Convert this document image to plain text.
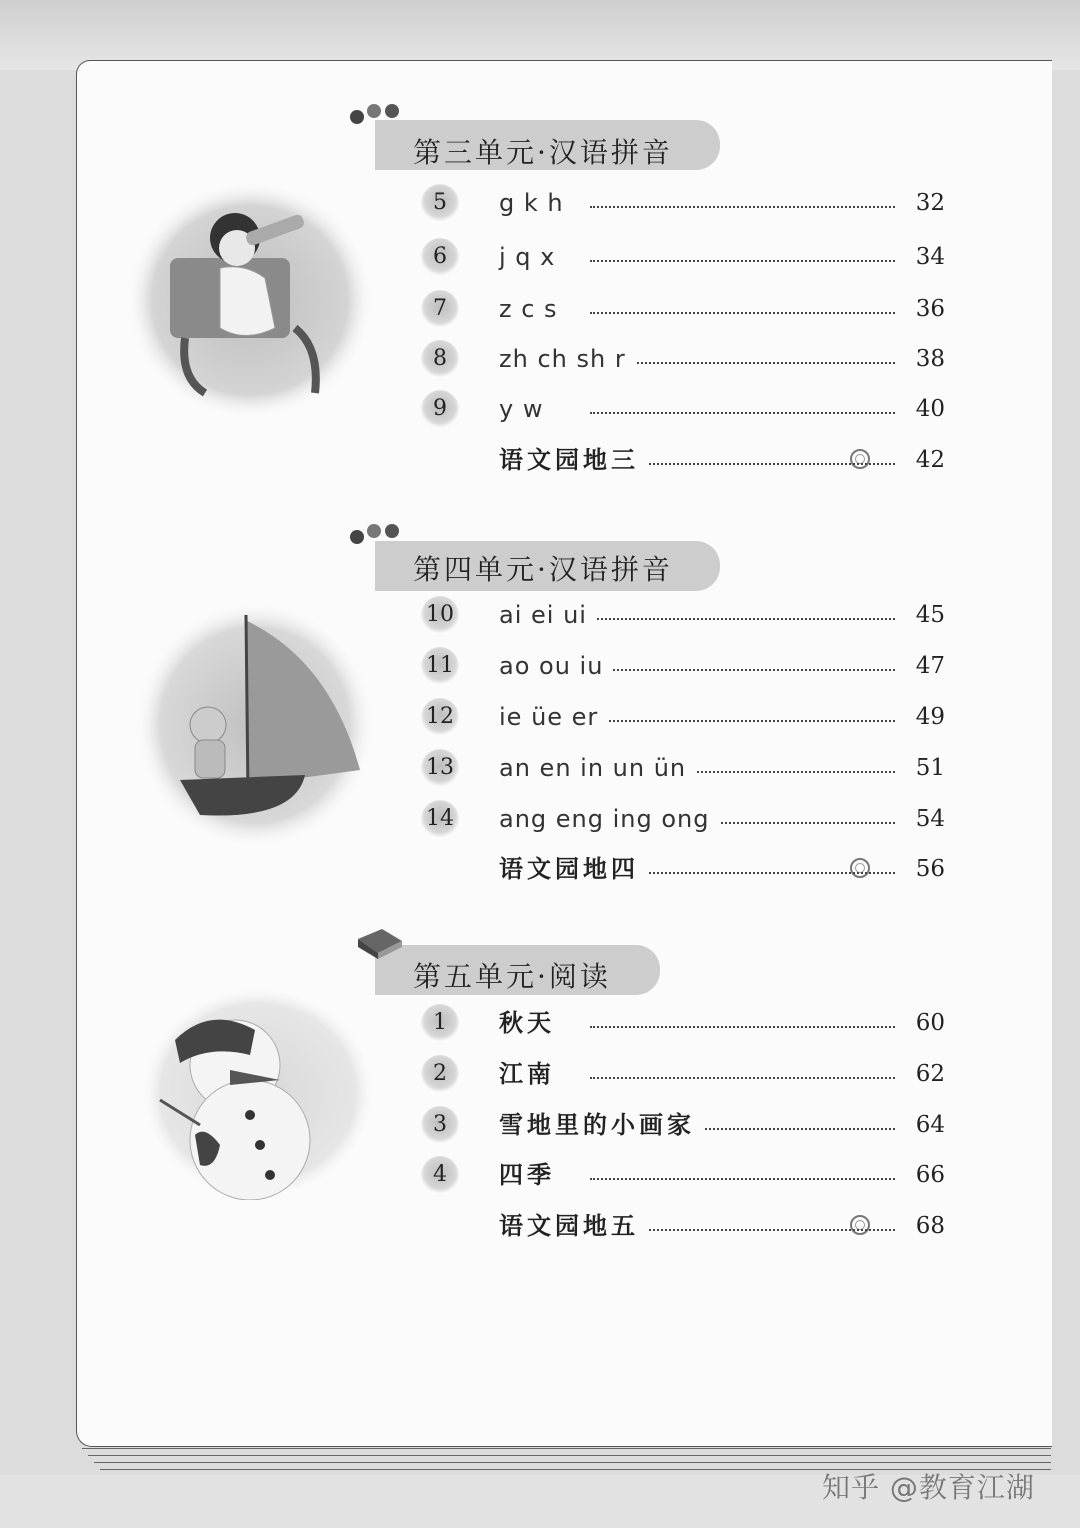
第三单元·汉语拼音
第四单元·汉语拼音
第五单元·阅读
5	g k h	32
6	j q x	34
7	z c s	36
8	zh ch sh r	38
9	y w	40
语文园地三	42
10 ai ei ui	45
11 ao ou iu	47
12 ie üe er	49
13 an en in un ün	51
14 ang eng ing ong	54
语文园地四	56
1	秋天	60
2	江南	62
3	雪地里的小画家	64
4	四季	66
语文园地五	68
知乎 @教育江湖
